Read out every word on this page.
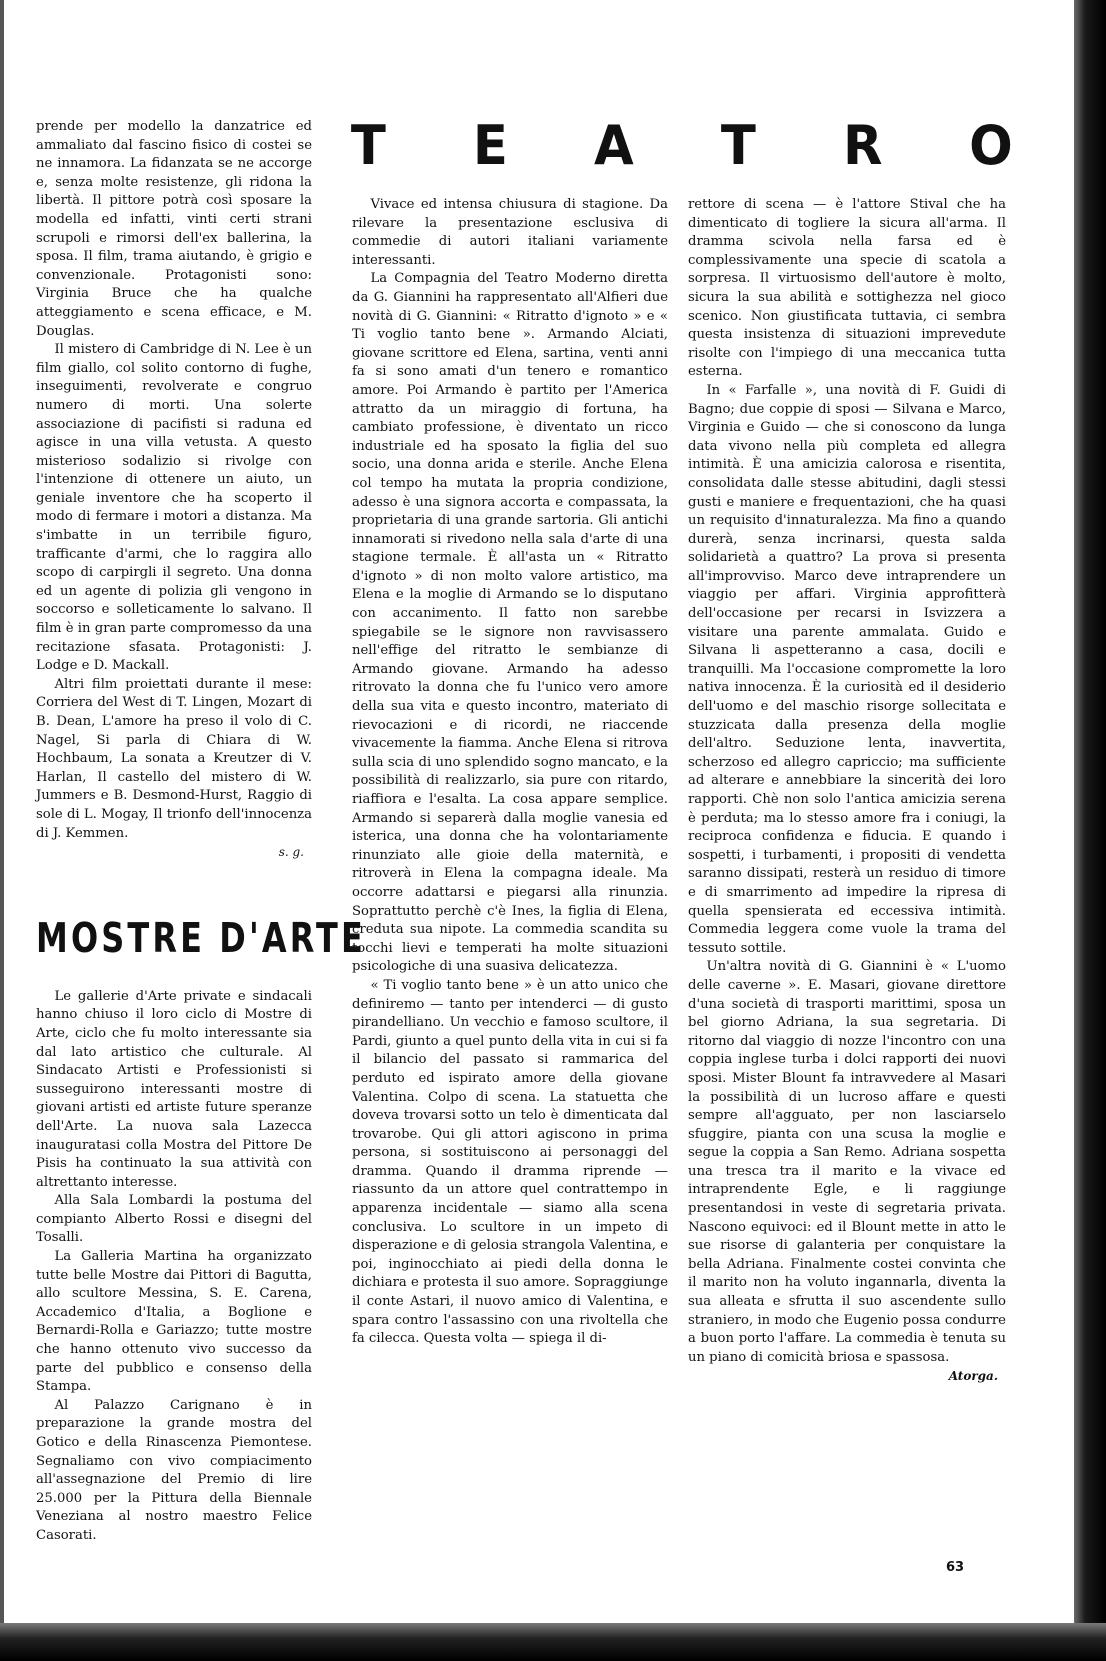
prende per modello la danzatrice ed ammaliato dal fascino fisico di costei se ne innamora. La fidanzata se ne accorge e, senza molte resistenze, gli ridona la libertà. Il pittore potrà così sposare la modella ed infatti, vinti certi strani scrupoli e rimorsi dell'ex ballerina, la sposa. Il film, trama aiutando, è grigio e convenzionale. Protagonisti sono: Virginia Bruce che ha qualche atteggiamento e scena efficace, e M. Douglas.

Il mistero di Cambridge di N. Lee è un film giallo, col solito contorno di fughe, inseguimenti, revolverate e congruo numero di morti. Una solerte associazione di pacifisti si raduna ed agisce in una villa vetusta. A questo misterioso sodalizio si rivolge con l'intenzione di ottenere un aiuto, un geniale inventore che ha scoperto il modo di fermare i motori a distanza. Ma s'imbatte in un terribile figuro, trafficante d'armi, che lo raggira allo scopo di carpirgli il segreto. Una donna ed un agente di polizia gli vengono in soccorso e solleticamente lo salvano. Il film è in gran parte compromesso da una recitazione sfasata. Protagonisti: J. Lodge e D. Mackall.

Altri film proiettati durante il mese: Corriera del West di T. Lingen, Mozart di B. Dean, L'amore ha preso il volo di C. Nagel, Si parla di Chiara di W. Hochbaum, La sonata a Kreutzer di V. Harlan, Il castello del mistero di W. Jummers e B. Desmond-Hurst, Raggio di sole di L. Mogay, Il trionfo dell'innocenza di J. Kemmen.

s. g.
MOSTRE D'ARTE

Le gallerie d'Arte private e sindacali hanno chiuso il loro ciclo di Mostre di Arte, ciclo che fu molto interessante sia dal lato artistico che culturale. Al Sindacato Artisti e Professionisti si susseguirono interessanti mostre di giovani artisti ed artiste future speranze dell'Arte. La nuova sala Lazecca inauguratasi colla Mostra del Pittore De Pisis ha continuato la sua attività con altrettanto interesse.

Alla Sala Lombardi la postuma del compianto Alberto Rossi e disegni del Tosalli.

La Galleria Martina ha organizzato tutte belle Mostre dai Pittori di Bagutta, allo scultore Messina, S. E. Carena, Accademico d'Italia, a Boglione e Bernardi-Rolla e Gariazzo; tutte mostre che hanno ottenuto vivo successo da parte del pubblico e consenso della Stampa.

Al Palazzo Carignano è in preparazione la grande mostra del Gotico e della Rinascenza Piemontese. Segnaliamo con vivo compiacimento all'assegnazione del Premio di lire 25.000 per la Pittura della Biennale Veneziana al nostro maestro Felice Casorati.

T E A T R O

Vivace ed intensa chiusura di stagione. Da rilevare la presentazione esclusiva di commedie di autori italiani variamente interessanti.

La Compagnia del Teatro Moderno diretta da G. Giannini ha rappresentato all'Alfieri due novità di G. Giannini: « Ritratto d'ignoto » e « Ti voglio tanto bene ». Armando Alciati, giovane scrittore ed Elena, sartina, venti anni fa si sono amati d'un tenero e romantico amore. Poi Armando è partito per l'America attratto da un miraggio di fortuna, ha cambiato professione, è diventato un ricco industriale ed ha sposato la figlia del suo socio, una donna arida e sterile. Anche Elena col tempo ha mutata la propria condizione, adesso è una signora accorta e compassata, la proprietaria di una grande sartoria. Gli antichi innamorati si rivedono nella sala d'arte di una stagione termale. È all'asta un « Ritratto d'ignoto » di non molto valore artistico, ma Elena e la moglie di Armando se lo disputano con accanimento. Il fatto non sarebbe spiegabile se le signore non ravvisassero nell'effige del ritratto le sembianze di Armando giovane. Armando ha adesso ritrovato la donna che fu l'unico vero amore della sua vita e questo incontro, materiato di rievocazioni e di ricordi, ne riaccende vivacemente la fiamma. Anche Elena si ritrova sulla scia di uno splendido sogno mancato, e la possibilità di realizzarlo, sia pure con ritardo, riaffiora e l'esalta. La cosa appare semplice. Armando si separerà dalla moglie vanesia ed isterica, una donna che ha volontariamente rinunziato alle gioie della maternità, e ritroverà in Elena la compagna ideale. Ma occorre adattarsi e piegarsi alla rinunzia. Soprattutto perchè c'è Ines, la figlia di Elena, creduta sua nipote. La commedia scandita su tocchi lievi e temperati ha molte situazioni psicologiche di una suasiva delicatezza.

« Ti voglio tanto bene » è un atto unico che definiremo — tanto per intenderci — di gusto pirandelliano. Un vecchio e famoso scultore, il Pardi, giunto a quel punto della vita in cui si fa il bilancio del passato si rammarica del perduto ed ispirato amore della giovane Valentina. Colpo di scena. La statuetta che doveva trovarsi sotto un telo è dimenticata dal trovarobe. Qui gli attori agiscono in prima persona, si sostituiscono ai personaggi del dramma. Quando il dramma riprende — riassunto da un attore quel contrattempo in apparenza incidentale — siamo alla scena conclusiva. Lo scultore in un impeto di disperazione e di gelosia strangola Valentina, e poi, inginocchiato ai piedi della donna le dichiara e protesta il suo amore. Sopraggiunge il conte Astari, il nuovo amico di Valentina, e spara contro l'assassino con una rivoltella che fa cilecca. Questa volta — spiega il di-

rettore di scena — è l'attore Stival che ha dimenticato di togliere la sicura all'arma. Il dramma scivola nella farsa ed è complessivamente una specie di scatola a sorpresa. Il virtuosismo dell'autore è molto, sicura la sua abilità e sottighezza nel gioco scenico. Non giustificata tuttavia, ci sembra questa insistenza di situazioni imprevedute risolte con l'impiego di una meccanica tutta esterna.

In « Farfalle », una novità di F. Guidi di Bagno; due coppie di sposi — Silvana e Marco, Virginia e Guido — che si conoscono da lunga data vivono nella più completa ed allegra intimità. È una amicizia calorosa e risentita, consolidata dalle stesse abitudini, dagli stessi gusti e maniere e frequentazioni, che ha quasi un requisito d'innaturalezza. Ma fino a quando durerà, senza incrinarsi, questa salda solidarietà a quattro? La prova si presenta all'improvviso. Marco deve intraprendere un viaggio per affari. Virginia approfitterà dell'occasione per recarsi in Isvizzera a visitare una parente ammalata. Guido e Silvana li aspetteranno a casa, docili e tranquilli. Ma l'occasione compromette la loro nativa innocenza. È la curiosità ed il desiderio dell'uomo e del maschio risorge sollecitata e stuzzicata dalla presenza della moglie dell'altro. Seduzione lenta, inavvertita, scherzoso ed allegro capriccio; ma sufficiente ad alterare e annebbiare la sincerità dei loro rapporti. Chè non solo l'antica amicizia serena è perduta; ma lo stesso amore fra i coniugi, la reciproca confidenza e fiducia. E quando i sospetti, i turbamenti, i propositi di vendetta saranno dissipati, resterà un residuo di timore e di smarrimento ad impedire la ripresa di quella spensierata ed eccessiva intimità. Commedia leggera come vuole la trama del tessuto sottile.

Un'altra novità di G. Giannini è « L'uomo delle caverne ». E. Masari, giovane direttore d'una società di trasporti marittimi, sposa un bel giorno Adriana, la sua segretaria. Di ritorno dal viaggio di nozze l'incontro con una coppia inglese turba i dolci rapporti dei nuovi sposi. Mister Blount fa intravvedere al Masari la possibilità di un lucroso affare e questi sempre all'agguato, per non lasciarselo sfuggire, pianta con una scusa la moglie e segue la coppia a San Remo. Adriana sospetta una tresca tra il marito e la vivace ed intraprendente Egle, e li raggiunge presentandosi in veste di segretaria privata. Nascono equivoci: ed il Blount mette in atto le sue risorse di galanteria per conquistare la bella Adriana. Finalmente costei convinta che il marito non ha voluto ingannarla, diventa la sua alleata e sfrutta il suo ascendente sullo straniero, in modo che Eugenio possa condurre a buon porto l'affare. La commedia è tenuta su un piano di comicità briosa e spassosa.

Atorga.
63
